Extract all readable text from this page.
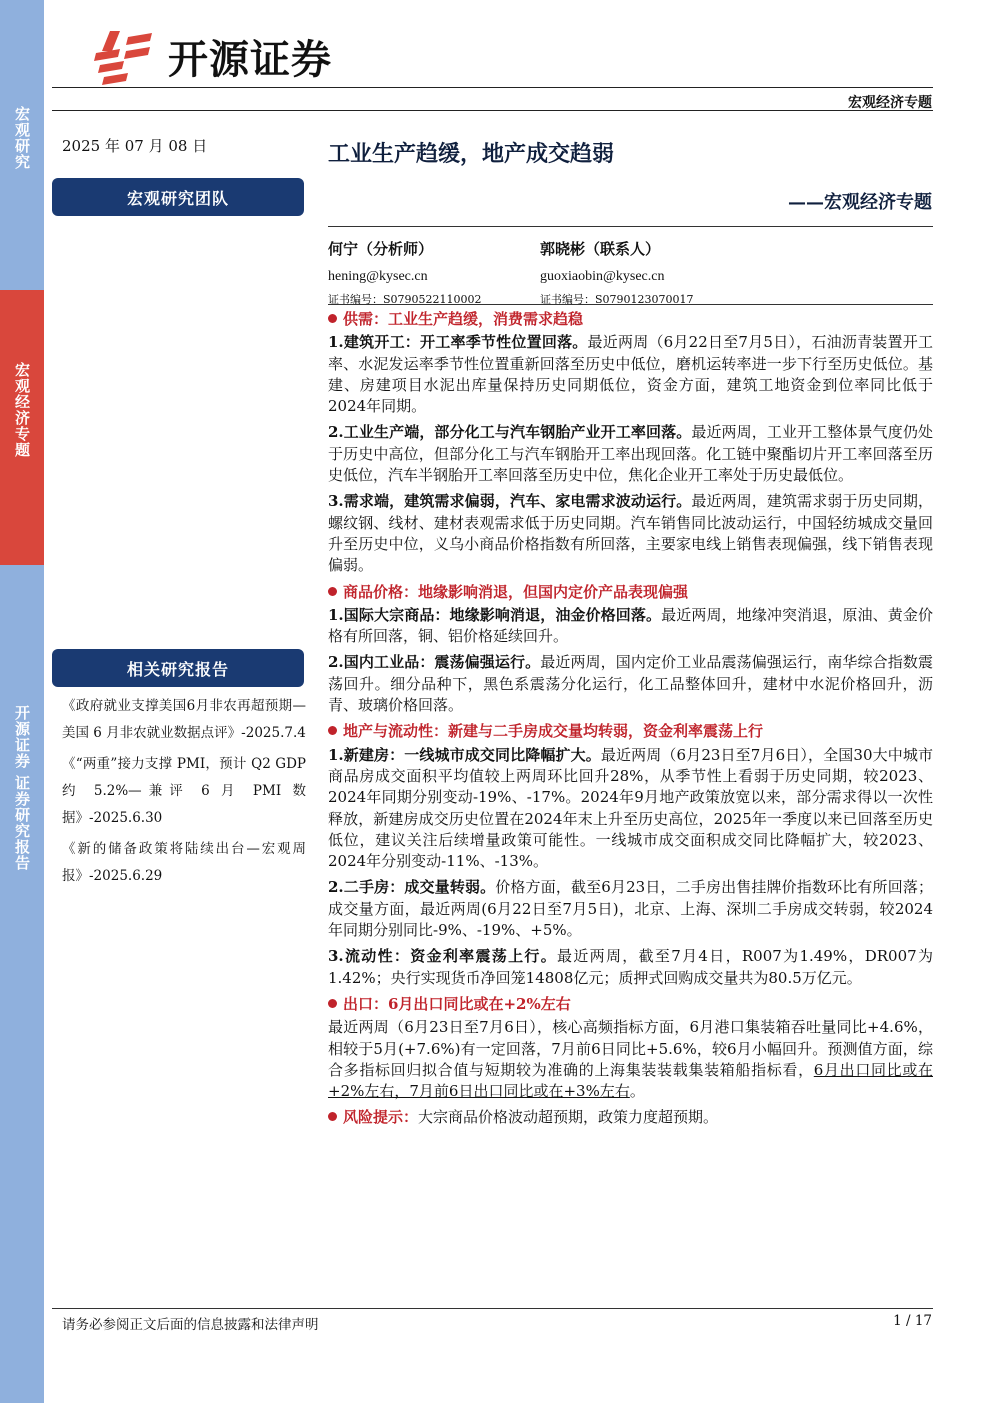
宏观研究
宏观经济专题
开源证券
证券研究报告
开源证券
宏观经济专题
2025 年 07 月 08 日	工业生产趋缓，地产成交趋弱
——宏观经济专题
宏观研究团队
相关研究报告
何宁（分析师）
hening@kysec.cn
证书编号：S0790522110002
郭晓彬（联系人）
guoxiaobin@kysec.cn
证书编号：S0790123070017
《政府就业支撑美国6月非农再超预期—美国 6 月非农就业数据点评》-2025.7.4
《“两重”接力支撑 PMI，预计 Q2 GDP 约 5.2%—兼评 6 月 PMI 数据》-2025.6.30
《新的储备政策将陆续出台—宏观周报》-2025.6.29
供需：工业生产趋缓，消费需求趋稳
1.建筑开工：开工率季节性位置回落。最近两周（6月22日至7月5日），石油沥青装置开工率、水泥发运率季节性位置重新回落至历史中低位，磨机运转率进一步下行至历史低位。基建、房建项目水泥出库量保持历史同期低位，资金方面，建筑工地资金到位率同比低于2024年同期。
2.工业生产端，部分化工与汽车钢胎产业开工率回落。最近两周，工业开工整体景气度仍处于历史中高位，但部分化工与汽车钢胎开工率出现回落。化工链中聚酯切片开工率回落至历史低位，汽车半钢胎开工率回落至历史中位，焦化企业开工率处于历史最低位。
3.需求端，建筑需求偏弱，汽车、家电需求波动运行。最近两周，建筑需求弱于历史同期，螺纹钢、线材、建材表观需求低于历史同期。汽车销售同比波动运行，中国轻纺城成交量回升至历史中位，义乌小商品价格指数有所回落，主要家电线上销售表现偏强，线下销售表现偏弱。
商品价格：地缘影响消退，但国内定价产品表现偏强
1.国际大宗商品：地缘影响消退，油金价格回落。最近两周，地缘冲突消退，原油、黄金价格有所回落，铜、铝价格延续回升。
2.国内工业品：震荡偏强运行。最近两周，国内定价工业品震荡偏强运行，南华综合指数震荡回升。细分品种下，黑色系震荡分化运行，化工品整体回升，建材中水泥价格回升，沥青、玻璃价格回落。
地产与流动性：新建与二手房成交量均转弱，资金利率震荡上行
1.新建房：一线城市成交同比降幅扩大。最近两周（6月23日至7月6日），全国30大中城市商品房成交面积平均值较上两周环比回升28%，从季节性上看弱于历史同期，较2023、2024年同期分别变动-19%、-17%。2024年9月地产政策放宽以来，部分需求得以一次性释放，新建房成交历史位置在2024年末上升至历史高位，2025年一季度以来已回落至历史低位，建议关注后续增量政策可能性。一线城市成交面积成交同比降幅扩大，较2023、2024年分别变动-11%、-13%。
2.二手房：成交量转弱。价格方面，截至6月23日，二手房出售挂牌价指数环比有所回落；成交量方面，最近两周(6月22日至7月5日)，北京、上海、深圳二手房成交转弱，较2024年同期分别同比-9%、-19%、+5%。
3.流动性：资金利率震荡上行。最近两周，截至7月4日，R007为1.49%，DR007为1.42%；央行实现货币净回笼14808亿元；质押式回购成交量共为80.5万亿元。
出口：6月出口同比或在+2%左右
最近两周（6月23日至7月6日），核心高频指标方面，6月港口集装箱吞吐量同比+4.6%，相较于5月(+7.6%)有一定回落，7月前6日同比+5.6%，较6月小幅回升。预测值方面，综合多指标回归拟合值与短期较为准确的上海集装装载集装箱船指标看，6月出口同比或在+2%左右，7月前6日出口同比或在+3%左右。
风险提示：大宗商品价格波动超预期，政策力度超预期。
请务必参阅正文后面的信息披露和法律声明	1 / 17
